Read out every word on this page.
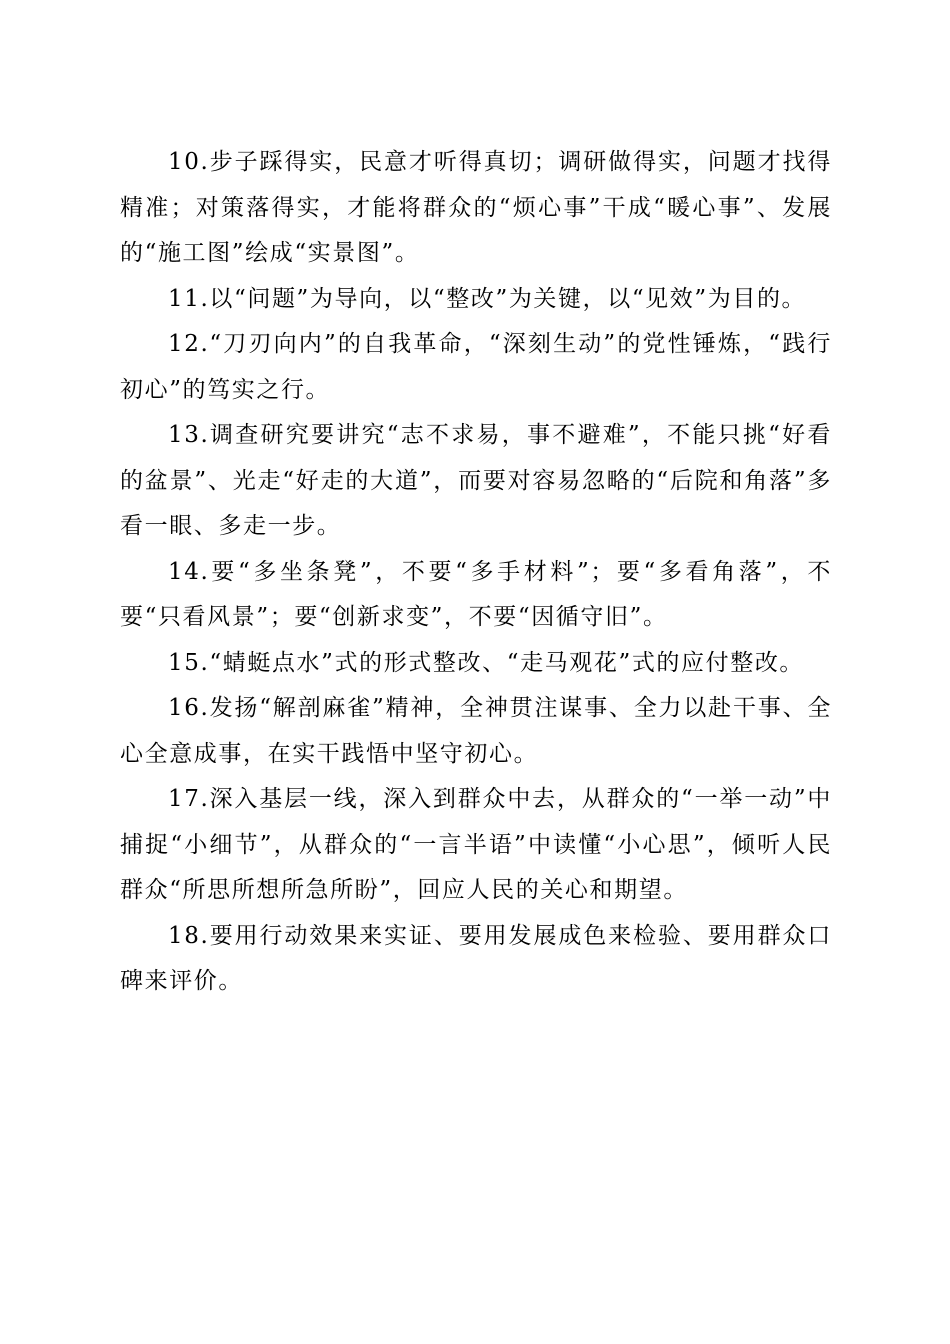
10.步子踩得实，民意才听得真切；调研做得实，问题才找得精准；对策落得实，才能将群众的“烦心事”干成“暖心事”、发展的“施工图”绘成“实景图”。

11.以“问题”为导向，以“整改”为关键，以“见效”为目的。

12.“刀刃向内”的自我革命，“深刻生动”的党性锤炼，“践行初心”的笃实之行。

13.调查研究要讲究“志不求易，事不避难”，不能只挑“好看的盆景”、光走“好走的大道”，而要对容易忽略的“后院和角落”多看一眼、多走一步。

14.要“多坐条凳”，不要“多手材料”；要“多看角落”，不要“只看风景”；要“创新求变”，不要“因循守旧”。

15.“蜻蜓点水”式的形式整改、“走马观花”式的应付整改。

16.发扬“解剖麻雀”精神，全神贯注谋事、全力以赴干事、全心全意成事，在实干践悟中坚守初心。

17.深入基层一线，深入到群众中去，从群众的“一举一动”中捕捉“小细节”，从群众的“一言半语”中读懂“小心思”，倾听人民群众“所思所想所急所盼”，回应人民的关心和期望。

18.要用行动效果来实证、要用发展成色来检验、要用群众口碑来评价。
